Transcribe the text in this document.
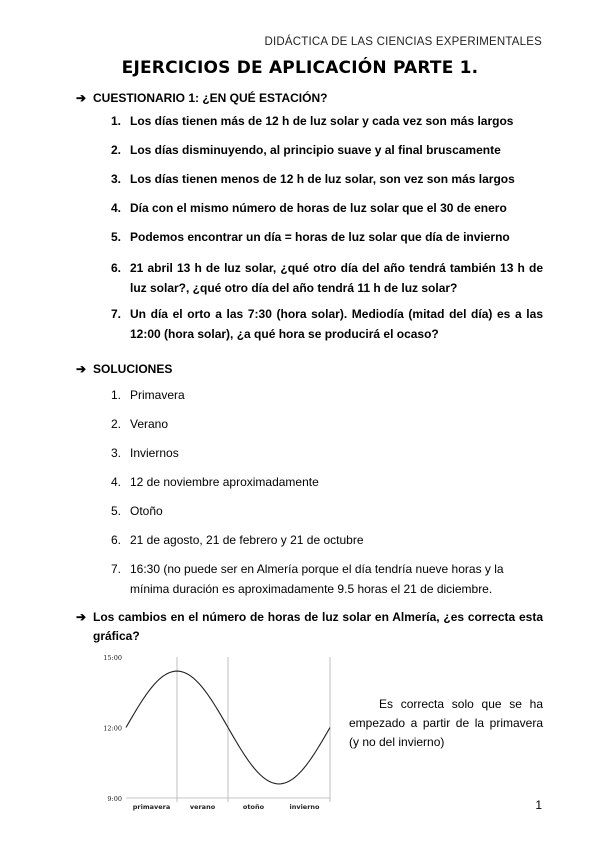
DIDÁCTICA DE LAS CIENCIAS EXPERIMENTALES
EJERCICIOS DE APLICACIÓN PARTE 1.
➔ CUESTIONARIO 1: ¿EN QUÉ ESTACIÓN?
1. Los días tienen más de 12 h de luz solar y cada vez son más largos
2. Los días disminuyendo, al principio suave y al final bruscamente
3. Los días tienen menos de 12 h de luz solar, son vez son más largos
4. Día con el mismo número de horas de luz solar que el 30 de enero
5. Podemos encontrar un día = horas de luz solar que día de invierno
6. 21 abril 13 h de luz solar, ¿qué otro día del año tendrá también 13 h de luz solar?, ¿qué otro día del año tendrá 11 h de luz solar?
7. Un día el orto a las 7:30 (hora solar). Mediodía (mitad del día) es a las 12:00 (hora solar), ¿a qué hora se producirá el ocaso?
➔ SOLUCIONES
1. Primavera
2. Verano
3. Inviernos
4. 12 de noviembre aproximadamente
5. Otoño
6. 21 de agosto, 21 de febrero y 21 de octubre
7. 16:30 (no puede ser en Almería porque el día tendría nueve horas y la mínima duración es aproximadamente 9.5 horas el 21 de diciembre.
➔ Los cambios en el número de horas de luz solar en Almería, ¿es correcta esta gráfica?
15:00
12:00
9:00
primavera	verano	otoño	invierno
Es correcta solo que se ha empezado a partir de la primavera (y no del invierno)
1
